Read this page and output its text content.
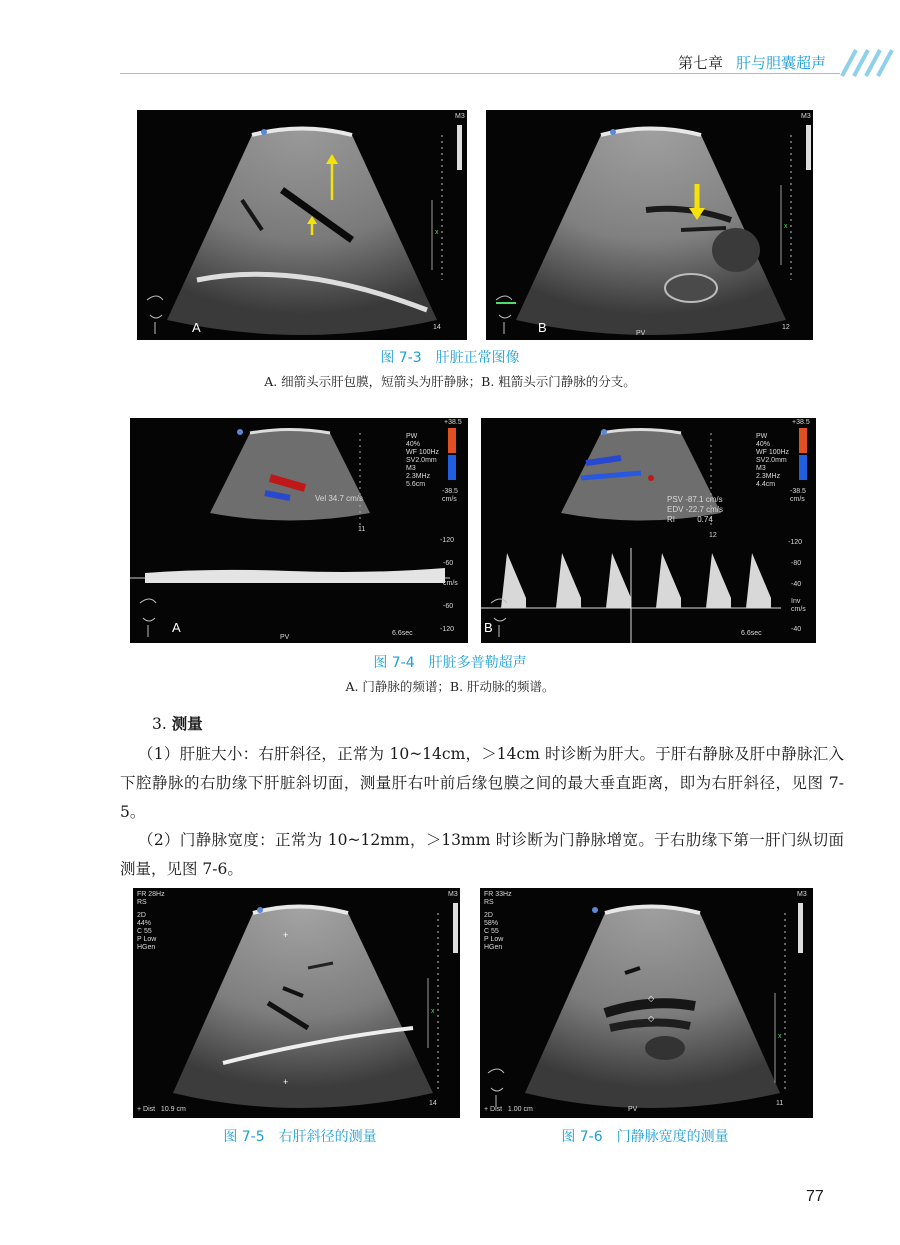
第七章 肝与胆囊超声
x
M3
A	14
x
M3
B	PV
12
图 7-3　肝脏正常图像
A. 细箭头示肝包膜，短箭头为肝静脉；B. 粗箭头示门静脉的分支。
PW
40%
WF 100Hz
SV2.0mm
M3
2.3MHz
5.6cm
+38.5
-38.5
cm/s
Vel 34.7 cm/s
11
-120
-60
cm/s
-60
-120
A
PV
6.6sec
PW
40%
WF 100Hz
SV2.0mm
M3
2.3MHz
4.4cm
+38.5
-38.5
cm/s
PSV -87.1 cm/s
EDV -22.7 cm/s
RI          0.74
12
-120
-80
-40
Inv
cm/s
-40
B	6.6sec
图 7-4　肝脏多普勒超声
A. 门静脉的频谱；B. 肝动脉的频谱。
3. 测量
（1）肝脏大小：右肝斜径，正常为 10~14cm，＞14cm 时诊断为肝大。于肝右静脉及肝中静脉汇入下腔静脉的右肋缘下肝脏斜切面，测量肝右叶前后缘包膜之间的最大垂直距离，即为右肝斜径，见图 7-5。
（2）门静脉宽度：正常为 10~12mm，＞13mm 时诊断为门静脉增宽。于右肋缘下第一肝门纵切面测量，见图 7-6。
+
+
x
FR 28Hz
RS
2D
44%
C 55
P Low
HGen
M3
+ Dist   10.9 cm
14
◇
◇
x
FR 33Hz
RS
2D
58%
C 55
P Low
HGen
M3
+ Dist   1.00 cm	PV
11
图 7-5　右肝斜径的测量	图 7-6　门静脉宽度的测量
77
